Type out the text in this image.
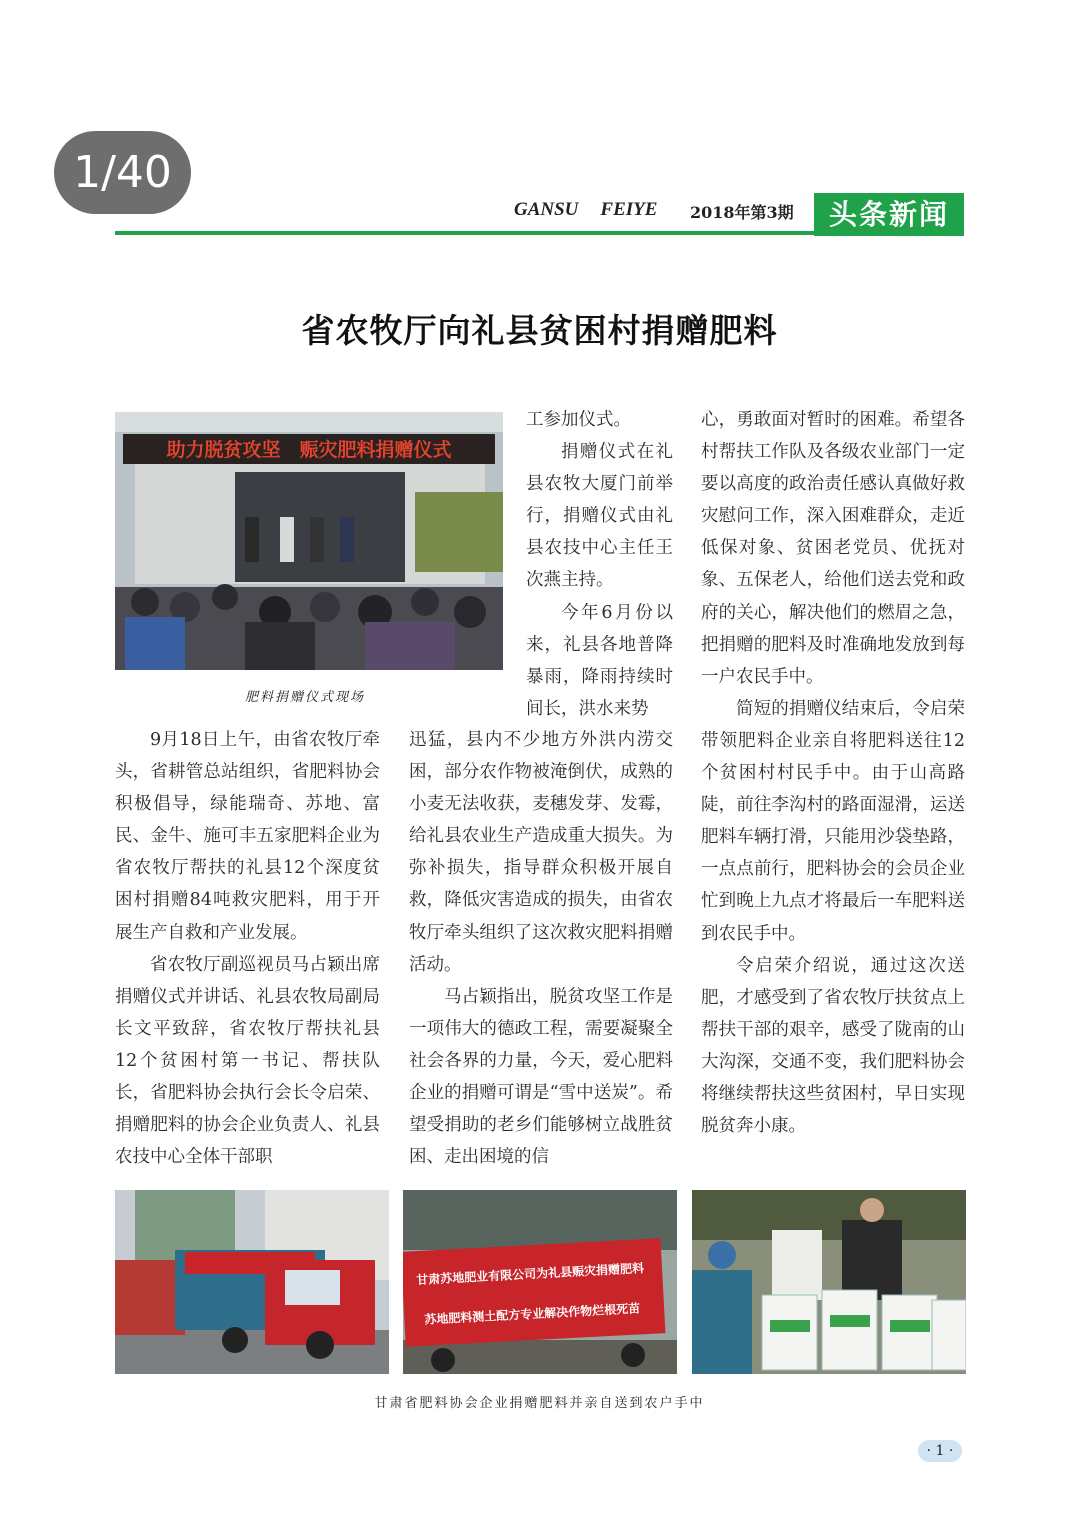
1/40
GANSU FEIYE	2018年第3期	头条新闻
省农牧厅向礼县贫困村捐赠肥料
助力脱贫攻坚　赈灾肥料捐赠仪式
肥料捐赠仪式现场

9月18日上午，由省农牧厅牵头，省耕管总站组织，省肥料协会积极倡导，绿能瑞奇、苏地、富民、金牛、施可丰五家肥料企业为省农牧厅帮扶的礼县12个深度贫困村捐赠84吨救灾肥料，用于开展生产自救和产业发展。

省农牧厅副巡视员马占颖出席捐赠仪式并讲话、礼县农牧局副局长文平致辞，省农牧厅帮扶礼县12个贫困村第一书记、帮扶队长，省肥料协会执行会长令启荣、捐赠肥料的协会企业负责人、礼县农技中心全体干部职

工参加仪式。

捐赠仪式在礼县农牧大厦门前举行，捐赠仪式由礼县农技中心主任王次燕主持。

今年6月份以来，礼县各地普降暴雨，降雨持续时间长，洪水来势

迅猛，县内不少地方外洪内涝交困，部分农作物被淹倒伏，成熟的小麦无法收获，麦穗发芽、发霉，给礼县农业生产造成重大损失。为弥补损失，指导群众积极开展自救，降低灾害造成的损失，由省农牧厅牵头组织了这次救灾肥料捐赠活动。

马占颖指出，脱贫攻坚工作是一项伟大的德政工程，需要凝聚全社会各界的力量，今天，爱心肥料企业的捐赠可谓是“雪中送炭”。希望受捐助的老乡们能够树立战胜贫困、走出困境的信

心，勇敢面对暂时的困难。希望各村帮扶工作队及各级农业部门一定要以高度的政治责任感认真做好救灾慰问工作，深入困难群众，走近低保对象、贫困老党员、优抚对象、五保老人，给他们送去党和政府的关心，解决他们的燃眉之急，把捐赠的肥料及时准确地发放到每一户农民手中。

简短的捐赠仪结束后，令启荣带领肥料企业亲自将肥料送往12个贫困村村民手中。由于山高路陡，前往李沟村的路面湿滑，运送肥料车辆打滑，只能用沙袋垫路，一点点前行，肥料协会的会员企业忙到晚上九点才将最后一车肥料送到农民手中。

令启荣介绍说，通过这次送肥，才感受到了省农牧厅扶贫点上帮扶干部的艰辛，感受了陇南的山大沟深，交通不变，我们肥料协会将继续帮扶这些贫困村，早日实现脱贫奔小康。

甘肃苏地肥业有限公司为礼县赈灾捐赠肥料
苏地肥料测土配方专业解决作物烂根死苗
甘肃省肥料协会企业捐赠肥料并亲自送到农户手中
· 1 ·
